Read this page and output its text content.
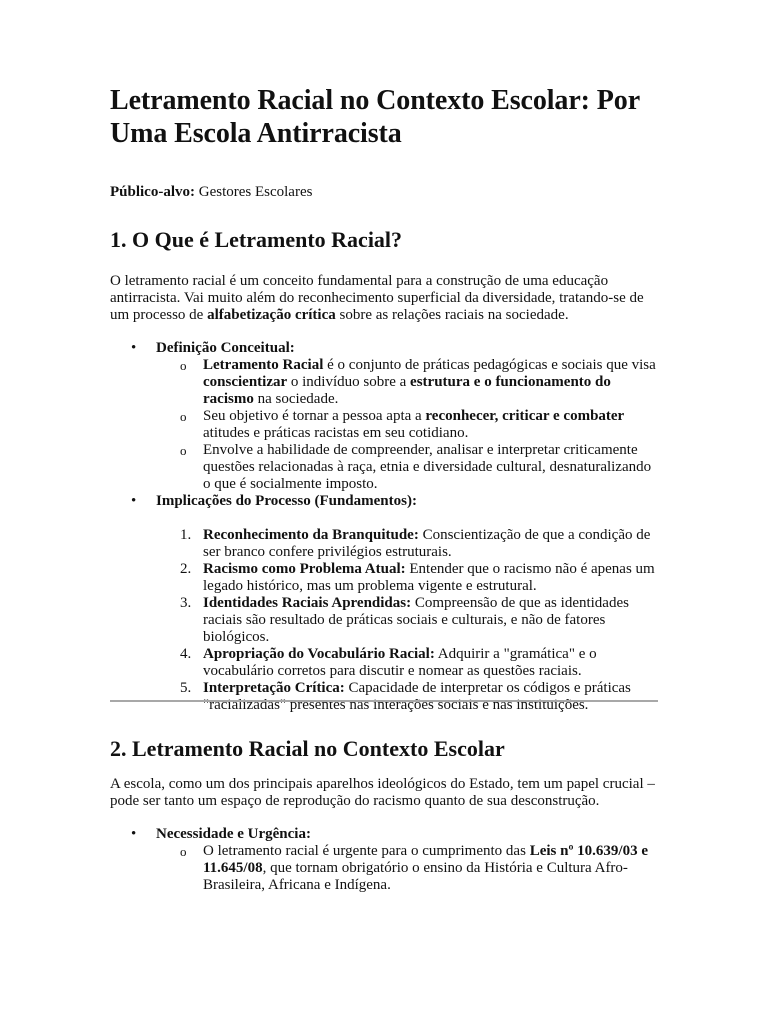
Letramento Racial no Contexto Escolar: Por Uma Escola Antirracista

Público-alvo: Gestores Escolares

1. O Que é Letramento Racial?

O letramento racial é um conceito fundamental para a construção de uma educação antirracista. Vai muito além do reconhecimento superficial da diversidade, tratando-se de um processo de alfabetização crítica sobre as relações raciais na sociedade.

• Definição Conceitual:
o Letramento Racial é o conjunto de práticas pedagógicas e sociais que visa conscientizar o indivíduo sobre a estrutura e o funcionamento do racismo na sociedade.
o Seu objetivo é tornar a pessoa apta a reconhecer, criticar e combater atitudes e práticas racistas em seu cotidiano.
o Envolve a habilidade de compreender, analisar e interpretar criticamente questões relacionadas à raça, etnia e diversidade cultural, desnaturalizando o que é socialmente imposto.
• Implicações do Processo (Fundamentos):
1. Reconhecimento da Branquitude: Conscientização de que a condição de ser branco confere privilégios estruturais.
2. Racismo como Problema Atual: Entender que o racismo não é apenas um legado histórico, mas um problema vigente e estrutural.
3. Identidades Raciais Aprendidas: Compreensão de que as identidades raciais são resultado de práticas sociais e culturais, e não de fatores biológicos.
4. Apropriação do Vocabulário Racial: Adquirir a "gramática" e o vocabulário corretos para discutir e nomear as questões raciais.
5. Interpretação Crítica: Capacidade de interpretar os códigos e práticas "racializadas" presentes nas interações sociais e nas instituições.
2. Letramento Racial no Contexto Escolar

A escola, como um dos principais aparelhos ideológicos do Estado, tem um papel crucial – pode ser tanto um espaço de reprodução do racismo quanto de sua desconstrução.

• Necessidade e Urgência:
o O letramento racial é urgente para o cumprimento das Leis nº 10.639/03 e 11.645/08, que tornam obrigatório o ensino da História e Cultura Afro-Brasileira, Africana e Indígena.
